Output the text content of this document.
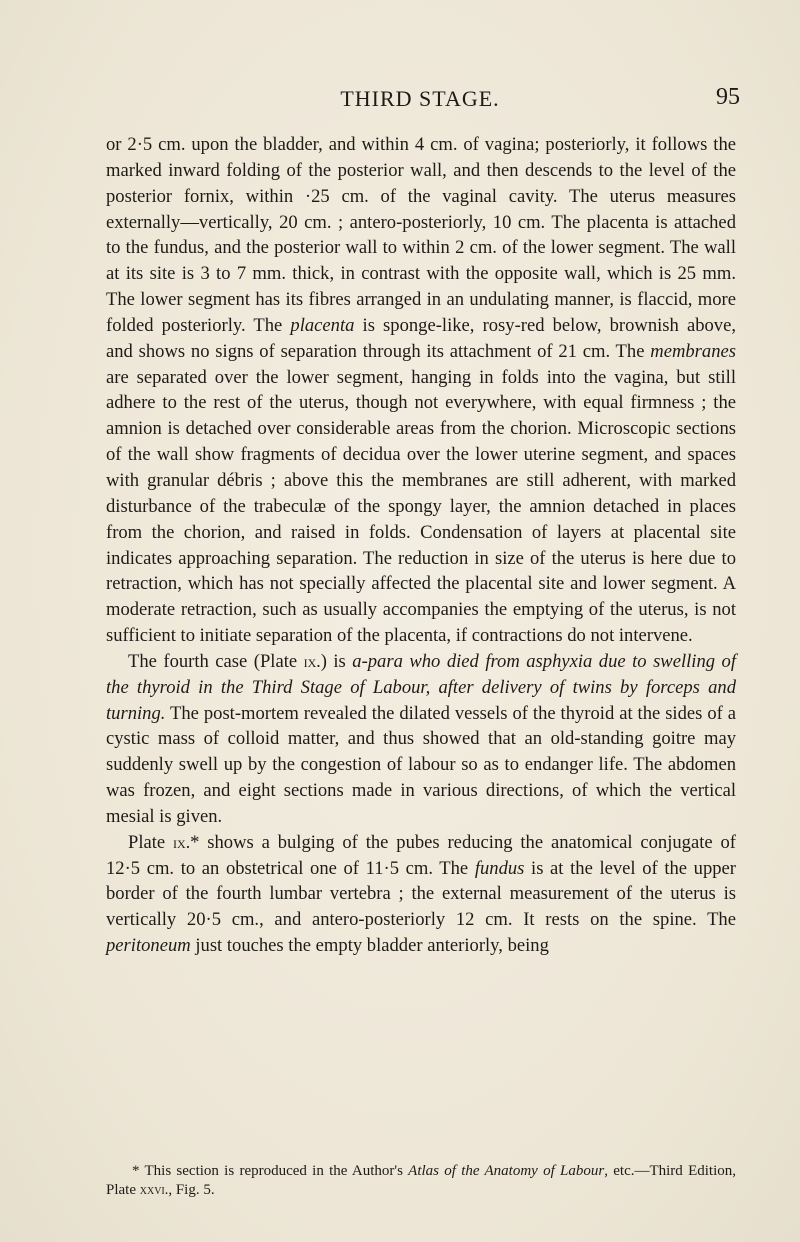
THIRD STAGE.	95

or 2·5 cm. upon the bladder, and within 4 cm. of vagina; posteriorly, it follows the marked inward folding of the posterior wall, and then descends to the level of the posterior fornix, within ·25 cm. of the vaginal cavity. The uterus measures externally—vertically, 20 cm. ; antero-posteriorly, 10 cm. The placenta is attached to the fundus, and the posterior wall to within 2 cm. of the lower segment. The wall at its site is 3 to 7 mm. thick, in contrast with the opposite wall, which is 25 mm. The lower segment has its fibres arranged in an undulating manner, is flaccid, more folded posteriorly. The placenta is sponge-like, rosy-red below, brownish above, and shows no signs of separation through its attachment of 21 cm. The membranes are separated over the lower segment, hanging in folds into the vagina, but still adhere to the rest of the uterus, though not everywhere, with equal firmness ; the amnion is detached over considerable areas from the chorion. Microscopic sections of the wall show fragments of decidua over the lower uterine segment, and spaces with granular débris ; above this the membranes are still adherent, with marked disturbance of the trabeculæ of the spongy layer, the amnion detached in places from the chorion, and raised in folds. Condensation of layers at placental site indicates approaching separation. The reduction in size of the uterus is here due to retraction, which has not specially affected the placental site and lower segment. A moderate retraction, such as usually accompanies the emptying of the uterus, is not sufficient to initiate separation of the placenta, if contractions do not intervene.

The fourth case (Plate ix.) is a-para who died from asphyxia due to swelling of the thyroid in the Third Stage of Labour, after delivery of twins by forceps and turning. The post-mortem revealed the dilated vessels of the thyroid at the sides of a cystic mass of colloid matter, and thus showed that an old-standing goitre may suddenly swell up by the congestion of labour so as to endanger life. The abdomen was frozen, and eight sections made in various directions, of which the vertical mesial is given.

Plate ix.* shows a bulging of the pubes reducing the anatomical conjugate of 12·5 cm. to an obstetrical one of 11·5 cm. The fundus is at the level of the upper border of the fourth lumbar vertebra ; the external measurement of the uterus is vertically 20·5 cm., and antero-posteriorly 12 cm. It rests on the spine. The peritoneum just touches the empty bladder anteriorly, being

* This section is reproduced in the Author's Atlas of the Anatomy of Labour, etc.—Third Edition, Plate xxvi., Fig. 5.
